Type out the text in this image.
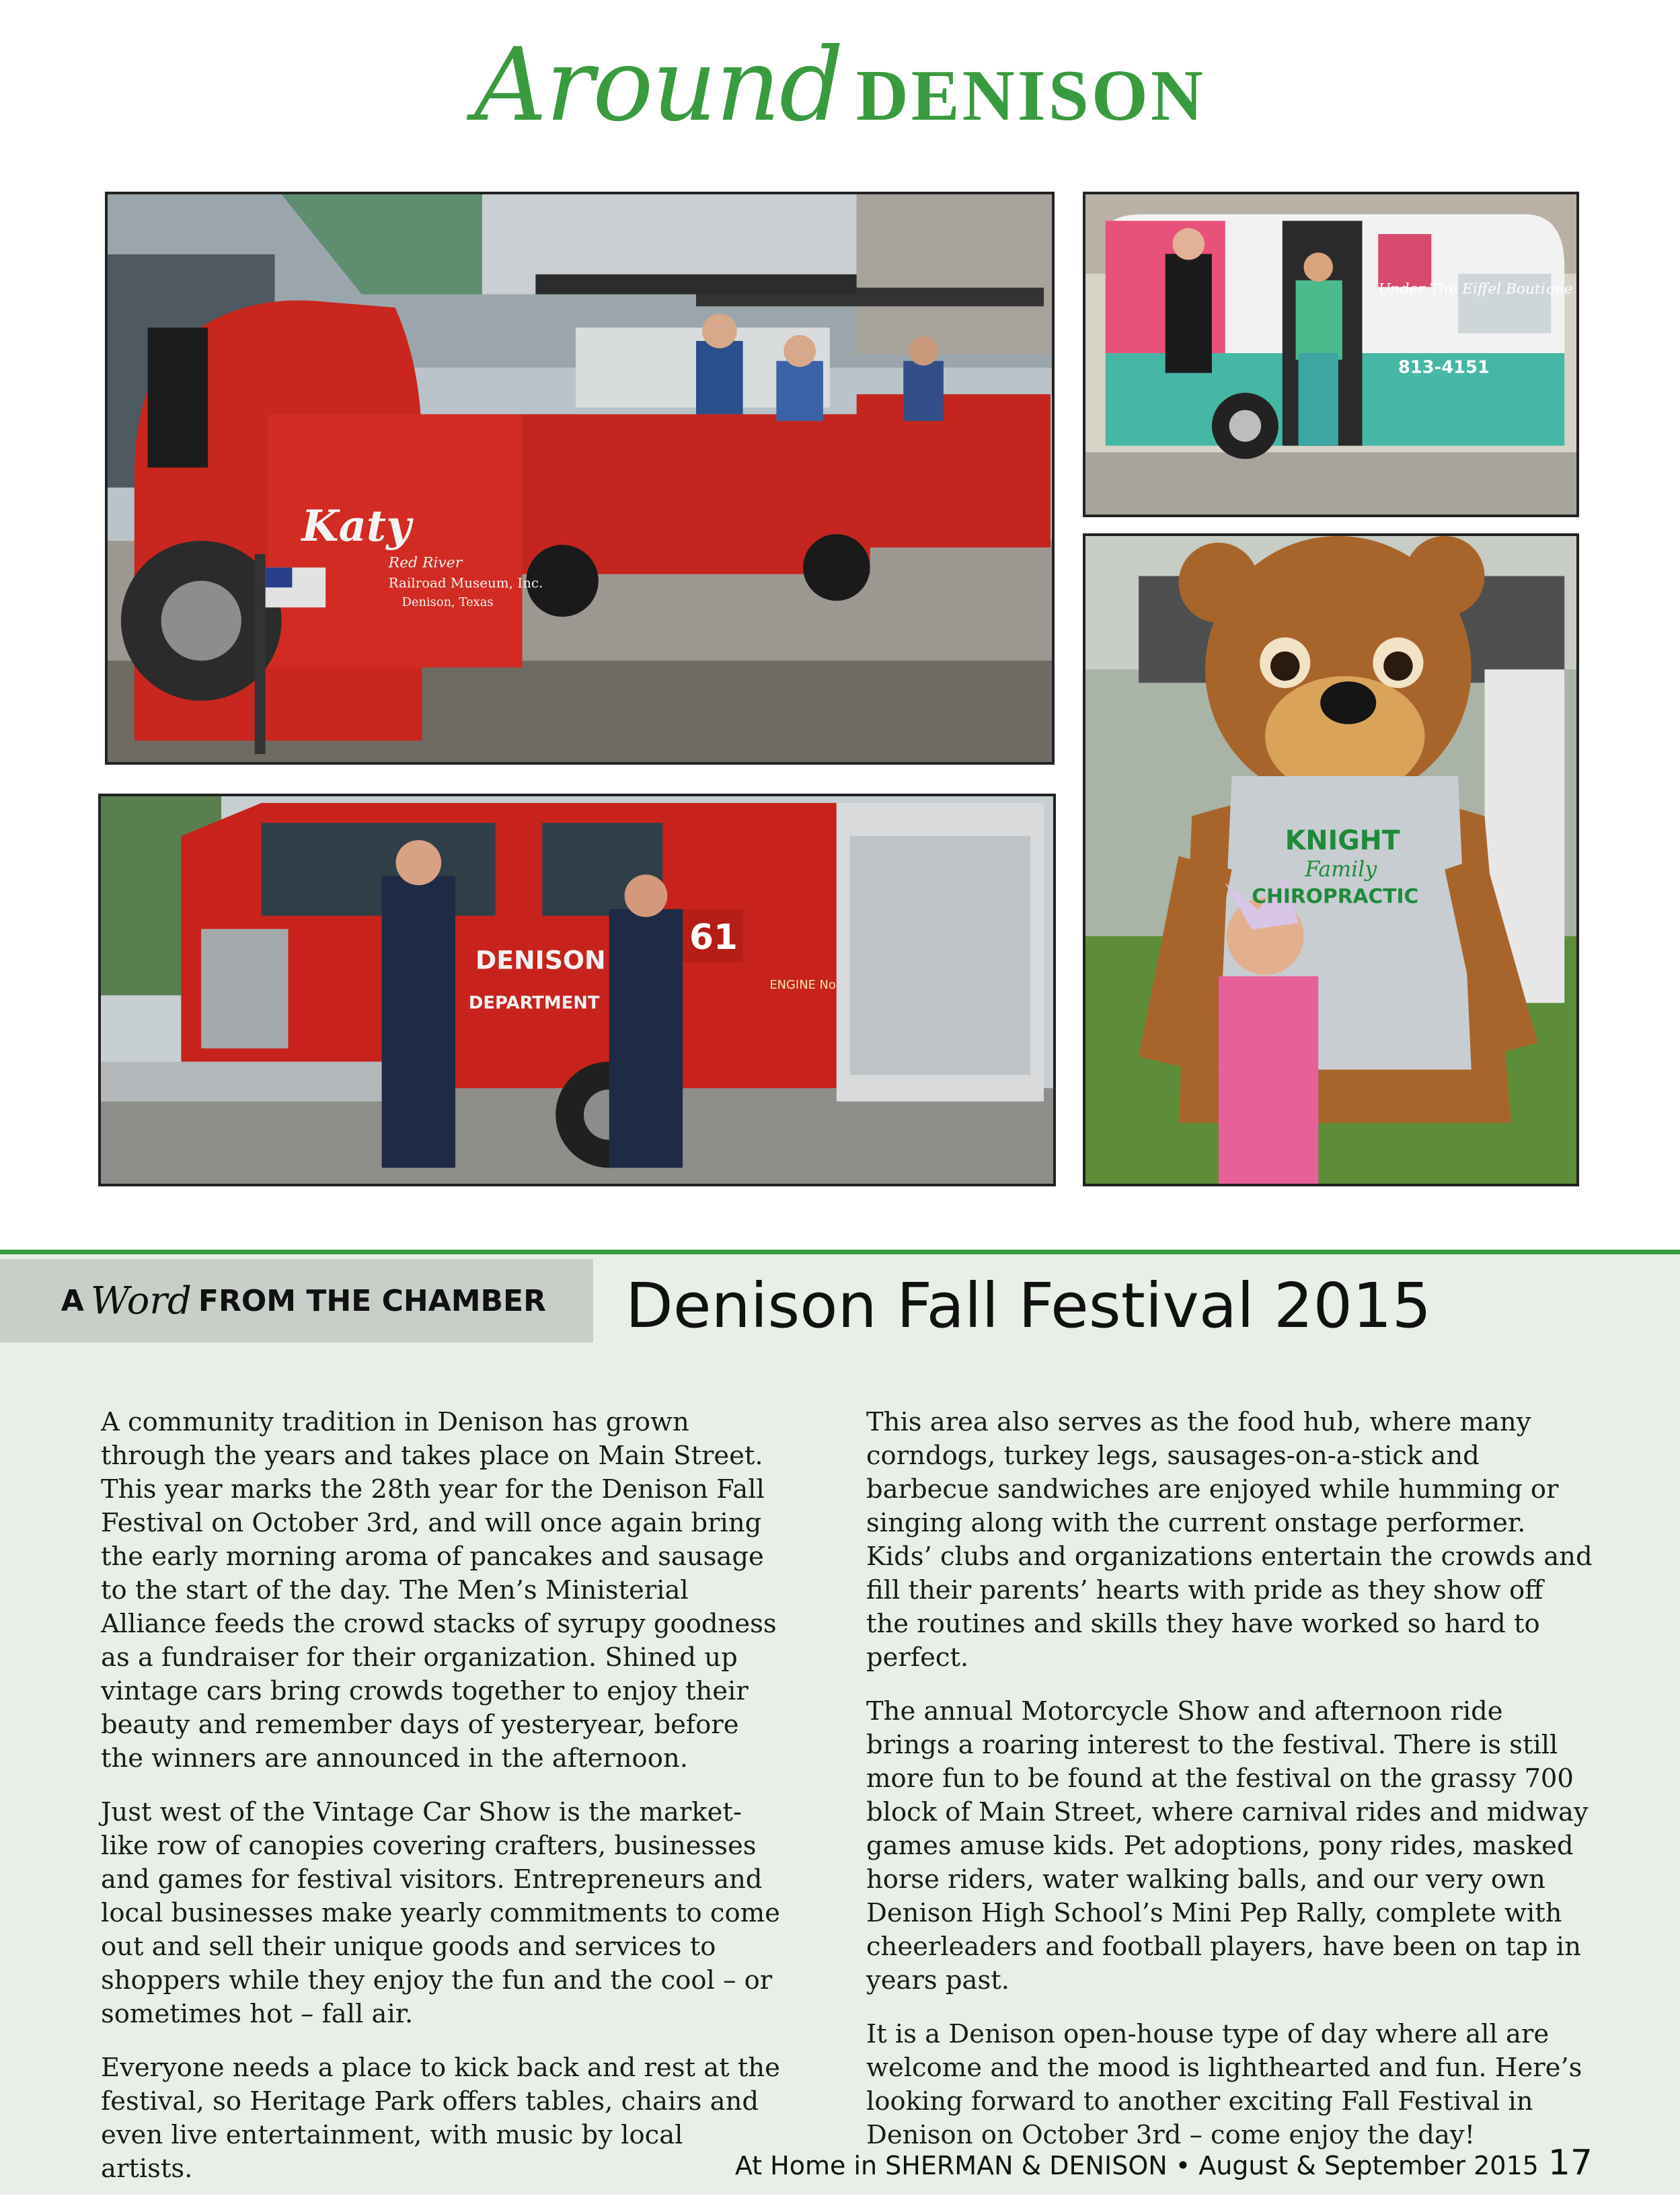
Around DENISON
Katy
Red River
Railroad Museum, Inc.
Denison, Texas
Under The Eiffel Boutique
813-4151
DENISON
DEPARTMENT
61
ENGINE No
KNIGHT
Family
CHIROPRACTIC
A Word FROM THE CHAMBER Denison Fall Festival 2015

A community tradition in Denison has grown through the years and takes place on Main Street. This year marks the 28th year for the Denison Fall Festival on October 3rd, and will once again bring the early morning aroma of pancakes and sausage to the start of the day. The Men’s Ministerial Alliance feeds the crowd stacks of syrupy goodness as a fundraiser for their organization. Shined up vintage cars bring crowds together to enjoy their beauty and remember days of yesteryear, before the winners are announced in the afternoon.

Just west of the Vintage Car Show is the market-like row of canopies covering crafters, businesses and games for festival visitors. Entrepreneurs and local businesses make yearly commitments to come out and sell their unique goods and services to shoppers while they enjoy the fun and the cool – or sometimes hot – fall air.

Everyone needs a place to kick back and rest at the festival, so Heritage Park offers tables, chairs and even live entertainment, with music by local artists.

This area also serves as the food hub, where many corndogs, turkey legs, sausages-on-a-stick and barbecue sandwiches are enjoyed while humming or singing along with the current onstage performer. Kids’ clubs and organizations entertain the crowds and fill their parents’ hearts with pride as they show off the routines and skills they have worked so hard to perfect.

The annual Motorcycle Show and afternoon ride brings a roaring interest to the festival. There is still more fun to be found at the festival on the grassy 700 block of Main Street, where carnival rides and midway games amuse kids. Pet adoptions, pony rides, masked horse riders, water walking balls, and our very own Denison High School’s Mini Pep Rally, complete with cheerleaders and football players, have been on tap in years past.

It is a Denison open-house type of day where all are welcome and the mood is lighthearted and fun. Here’s looking forward to another exciting Fall Festival in Denison on October 3rd – come enjoy the day!

At Home in SHERMAN & DENISON • August & September 2015 17
